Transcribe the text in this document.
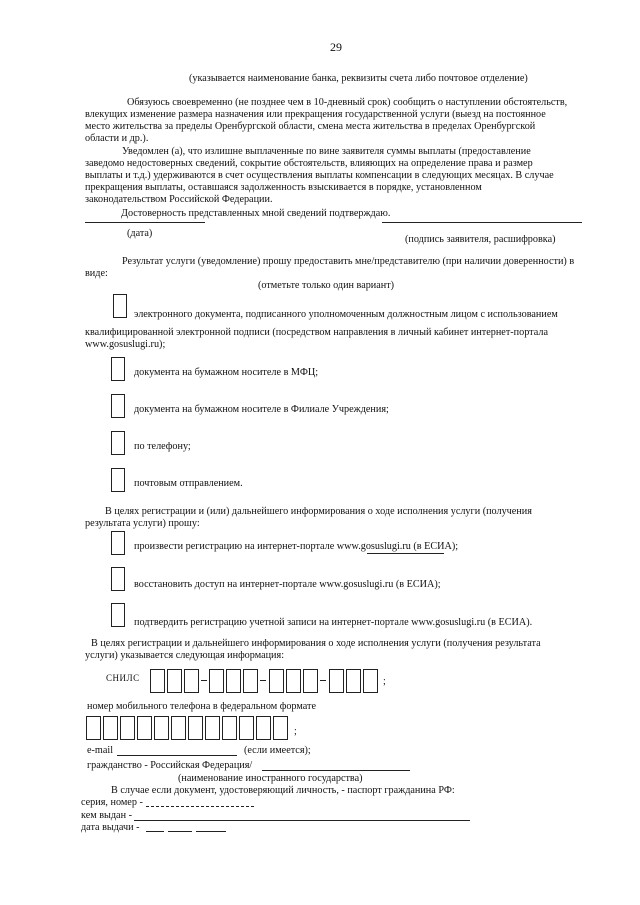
29
(указывается наименование банка, реквизиты счета либо почтовое отделение)
Обязуюсь своевременно (не позднее чем в 10-дневный срок) сообщить о наступлении обстоятельств,
влекущих изменение размера назначения или прекращения государственной услуги (выезд на постоянное
место жительства за пределы Оренбургской области, смена места жительства в пределах Оренбургской
области и др.).
Уведомлен (а), что излишне выплаченные по вине заявителя суммы выплаты (предоставление
заведомо недостоверных сведений, сокрытие обстоятельств, влияющих на определение права и размер
выплаты и т.д.) удерживаются в счет осуществления выплаты компенсации в следующих месяцах. В случае
прекращения выплаты, оставшаяся задолженность взыскивается в порядке, установленном
законодательством Российской Федерации.
Достоверность представленных мной сведений подтверждаю.
(дата)
(подпись заявителя, расшифровка)
Результат услуги (уведомление) прошу предоставить мне/представителю (при наличии доверенности) в
виде:
(отметьте только один вариант)
электронного документа, подписанного уполномоченным должностным лицом с использованием
квалифицированной электронной подписи (посредством направления в личный кабинет интернет-портала
www.gosuslugi.ru);
документа на бумажном носителе в МФЦ;
документа на бумажном носителе в Филиале Учреждения;
по телефону;
почтовым отправлением.
В целях регистрации и (или) дальнейшего информирования о ходе исполнения услуги (получения
результата услуги) прошу:
произвести регистрацию на интернет-портале www.gosuslugi.ru (в ЕСИА);
восстановить доступ на интернет-портале www.gosuslugi.ru (в ЕСИА);
подтвердить регистрацию учетной записи на интернет-портале www.gosuslugi.ru (в ЕСИА).
В целях регистрации и дальнейшего информирования о ходе исполнения услуги (получения результата
услуги) указывается следующая информация:
СНИЛС	;
номер мобильного телефона в федеральном формате
;
e-mail	(если имеется);
гражданство - Российская Федерация/
(наименование иностранного государства)
В случае если документ, удостоверяющий личность, - паспорт гражданина РФ:
серия, номер -
кем выдан -
дата выдачи -
